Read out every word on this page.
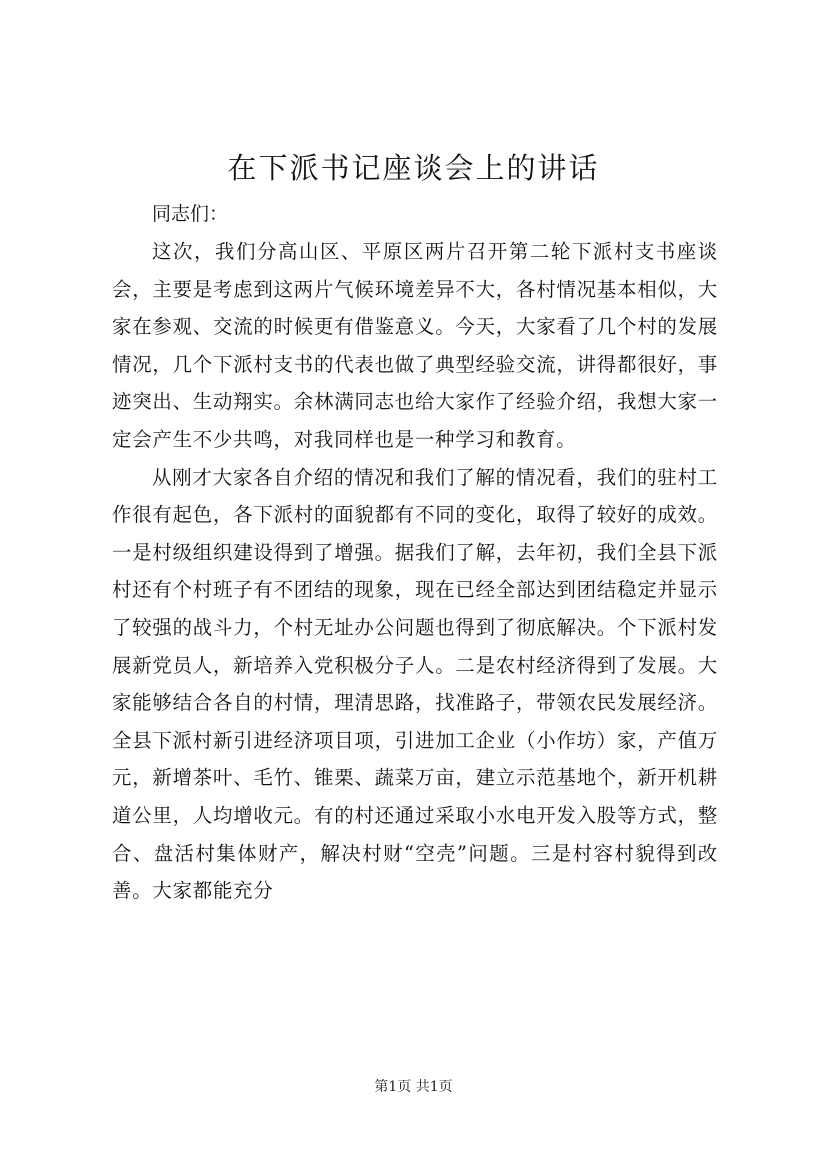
在下派书记座谈会上的讲话

同志们：

这次，我们分高山区、平原区两片召开第二轮下派村支书座谈会，主要是考虑到这两片气候环境差异不大，各村情况基本相似，大家在参观、交流的时候更有借鉴意义。今天，大家看了几个村的发展情况，几个下派村支书的代表也做了典型经验交流，讲得都很好，事迹突出、生动翔实。余林满同志也给大家作了经验介绍，我想大家一定会产生不少共鸣，对我同样也是一种学习和教育。

从刚才大家各自介绍的情况和我们了解的情况看，我们的驻村工作很有起色，各下派村的面貌都有不同的变化，取得了较好的成效。一是村级组织建设得到了增强。据我们了解，去年初，我们全县下派村还有个村班子有不团结的现象，现在已经全部达到团结稳定并显示了较强的战斗力，个村无址办公问题也得到了彻底解决。个下派村发展新党员人，新培养入党积极分子人。二是农村经济得到了发展。大家能够结合各自的村情，理清思路，找准路子，带领农民发展经济。全县下派村新引进经济项目项，引进加工企业（小作坊）家，产值万元，新增茶叶、毛竹、锥栗、蔬菜万亩，建立示范基地个，新开机耕道公里，人均增收元。有的村还通过采取小水电开发入股等方式，整合、盘活村集体财产，解决村财“空壳”问题。三是村容村貌得到改善。大家都能充分

第1页 共1页
